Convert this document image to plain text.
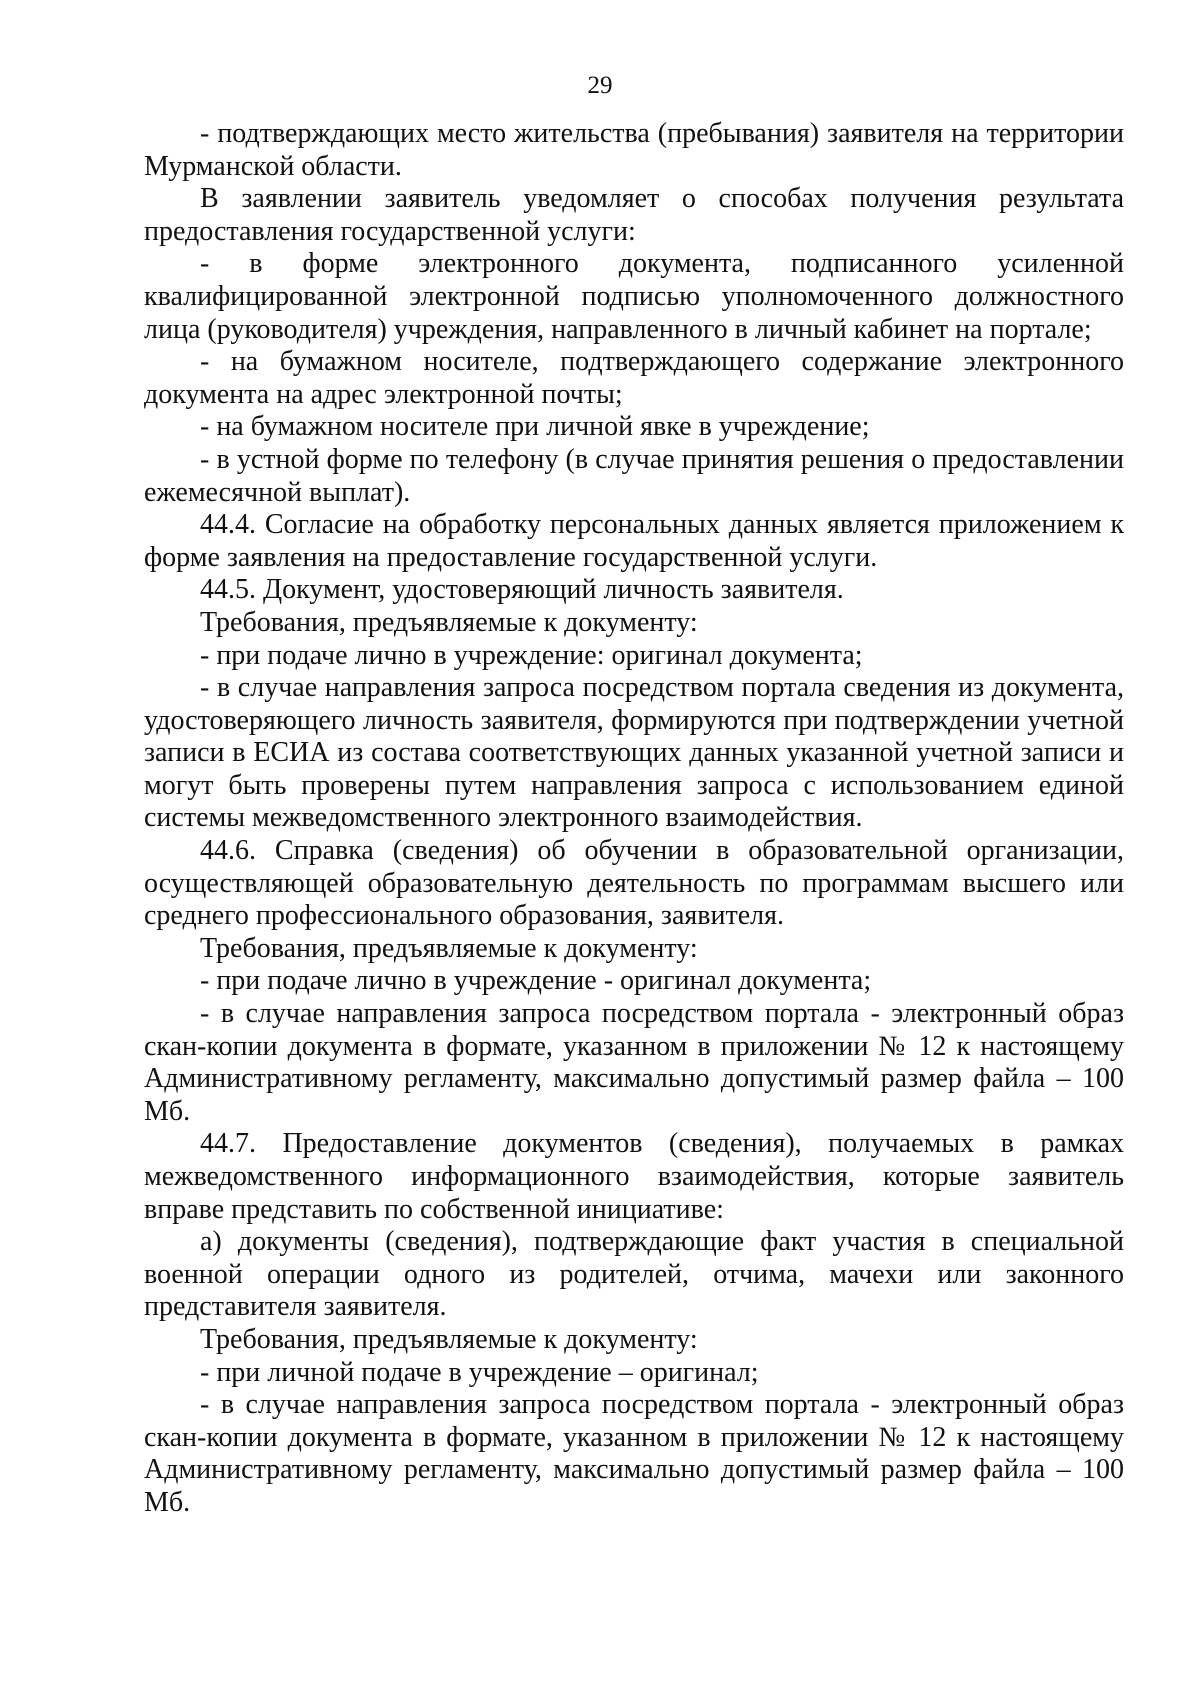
29

- подтверждающих место жительства (пребывания) заявителя на территории Мурманской области.

В заявлении заявитель уведомляет о способах получения результата предоставления государственной услуги:

- в форме электронного документа, подписанного усиленной квалифицированной электронной подписью уполномоченного должностного лица (руководителя) учреждения, направленного в личный кабинет на портале;

- на бумажном носителе, подтверждающего содержание электронного документа на адрес электронной почты;

- на бумажном носителе при личной явке в учреждение;

- в устной форме по телефону (в случае принятия решения о предоставлении ежемесячной выплат).

44.4. Согласие на обработку персональных данных является приложением к форме заявления на предоставление государственной услуги.

44.5. Документ, удостоверяющий личность заявителя.

Требования, предъявляемые к документу:

- при подаче лично в учреждение: оригинал документа;

- в случае направления запроса посредством портала сведения из документа, удостоверяющего личность заявителя, формируются при подтверждении учетной записи в ЕСИА из состава соответствующих данных указанной учетной записи и могут быть проверены путем направления запроса с использованием единой системы межведомственного электронного взаимодействия.

44.6. Справка (сведения) об обучении в образовательной организации, осуществляющей образовательную деятельность по программам высшего или среднего профессионального образования, заявителя.

Требования, предъявляемые к документу:

- при подаче лично в учреждение - оригинал документа;

- в случае направления запроса посредством портала - электронный образ скан-копии документа в формате, указанном в приложении № 12 к настоящему Административному регламенту, максимально допустимый размер файла – 100 Мб.

44.7. Предоставление документов (сведения), получаемых в рамках межведомственного информационного взаимодействия, которые заявитель вправе представить по собственной инициативе:

а) документы (сведения), подтверждающие факт участия в специальной военной операции одного из родителей, отчима, мачехи или законного представителя заявителя.

Требования, предъявляемые к документу:

- при личной подаче в учреждение – оригинал;

- в случае направления запроса посредством портала - электронный образ скан-копии документа в формате, указанном в приложении № 12 к настоящему Административному регламенту, максимально допустимый размер файла – 100 Мб.
